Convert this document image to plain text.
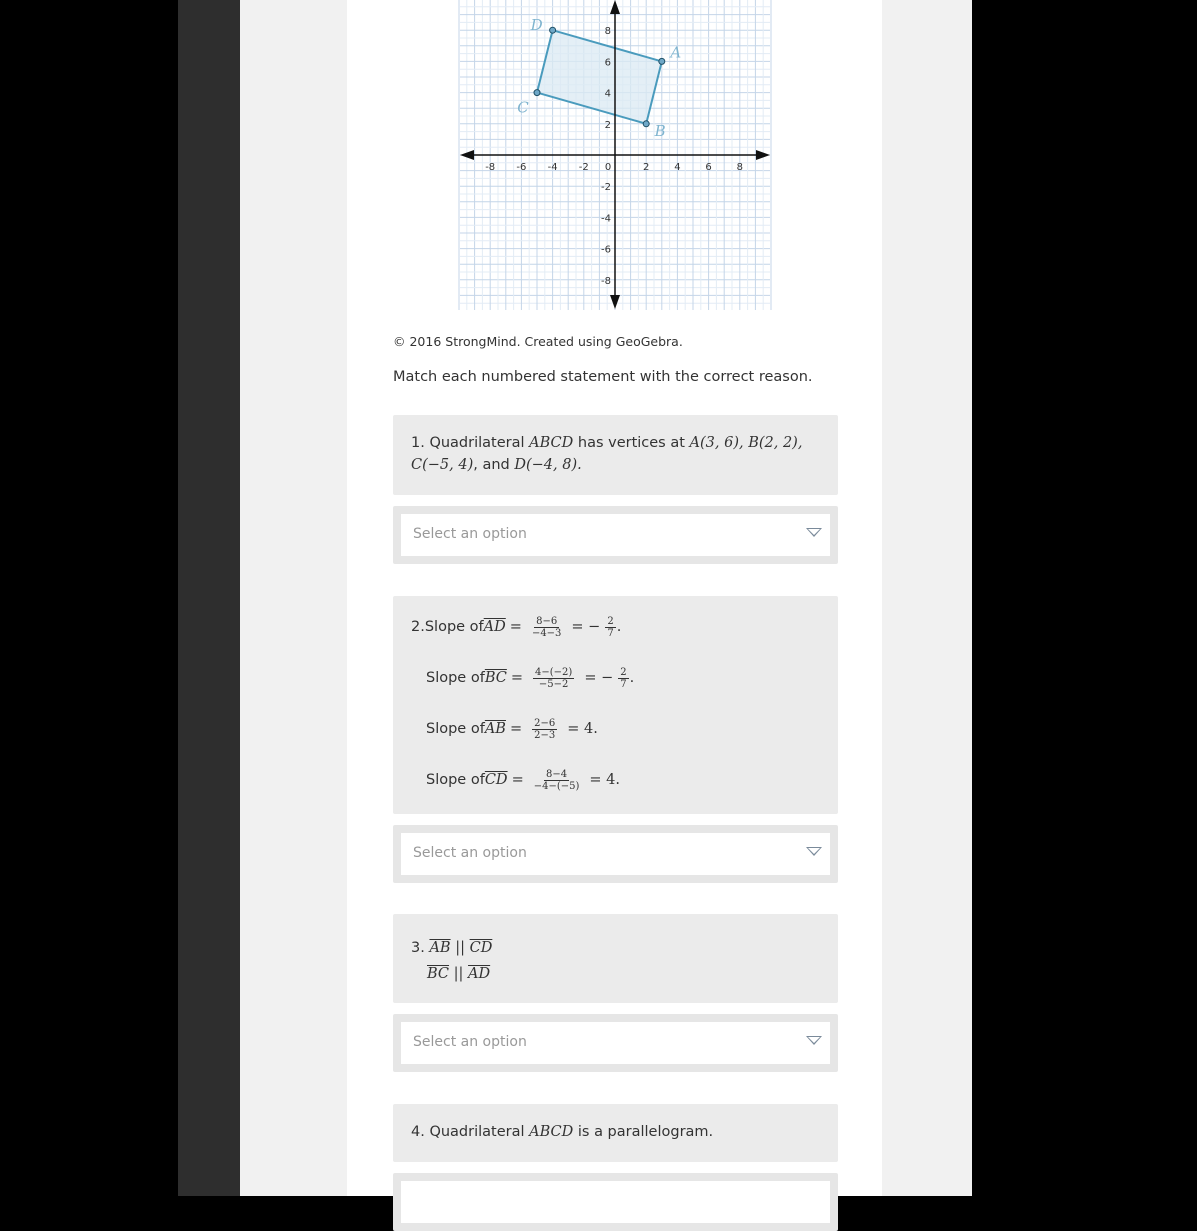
-8 -6 -4 -2 0	2 4 6 8
8
6
4
2
-2
-4
-6
-8
A
B
C
D
© 2016 StrongMind. Created using GeoGebra.
Match each numbered statement with the correct reason.
1. Quadrilateral ABCD has vertices at A(3, 6), B(2, 2),
C(−5, 4), and D(−4, 8).
Select an option
2. Slope of $\overline{AD} = \frac{8-6}{-4-3}$ = − $\frac{2}{7}$ .
Slope of $\overline{BC} = \frac{4-(-2)}{-5-2}$ = − $\frac{2}{7}$ .
Slope of $\overline{AB} = \frac{2-6}{2-3} = 4$.
Slope of $\overline{CD} = \frac{8-4}{-4-(-5)} = 4$.
Select an option
3. $\overline{AB}$ || $\overline{CD}$
$\overline{BC}$ || $\overline{AD}$
Select an option
4. Quadrilateral ABCD is a parallelogram.
